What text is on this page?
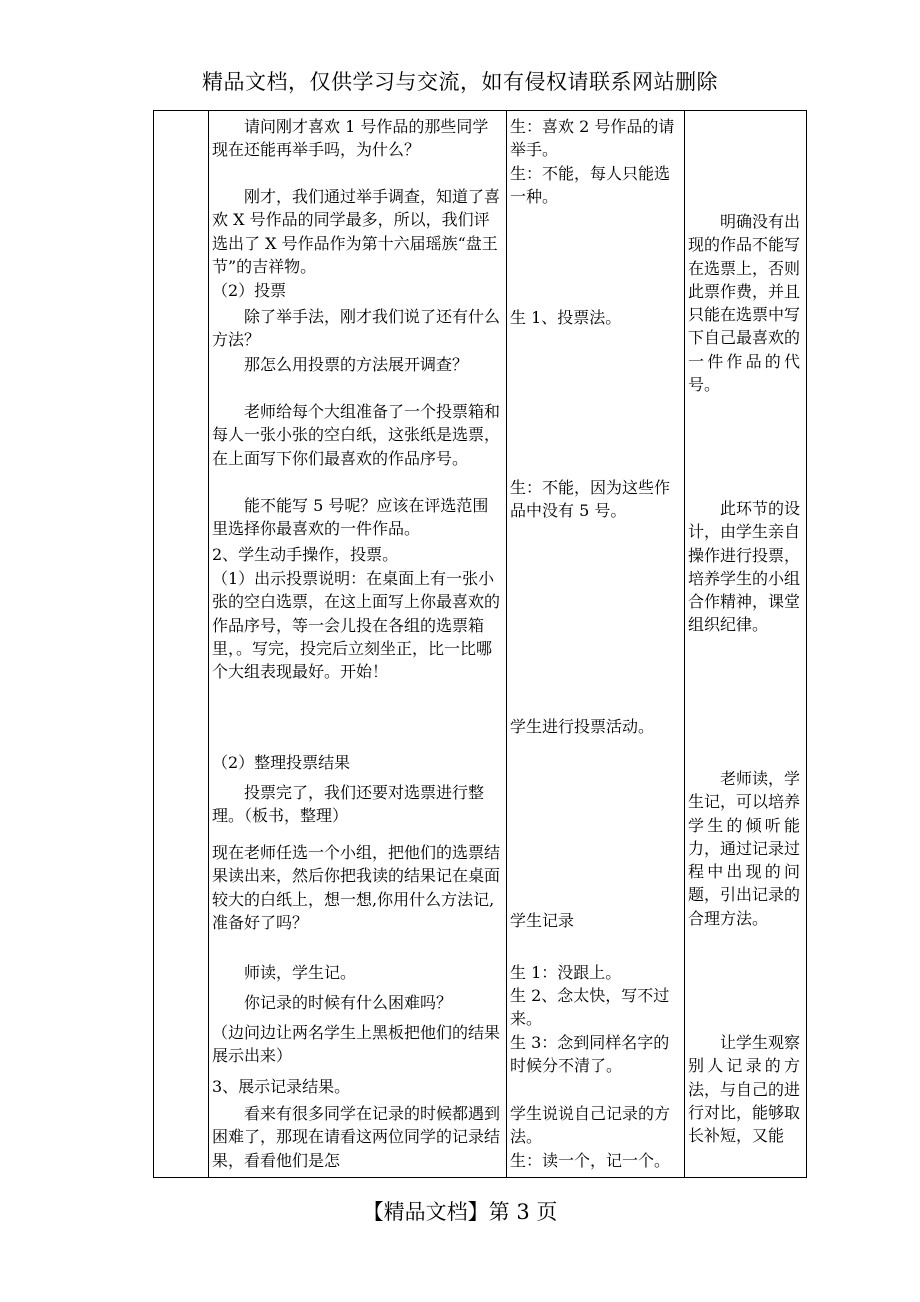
精品文档，仅供学习与交流，如有侵权请联系网站删除

请问刚才喜欢 1 号作品的那些同学现在还能再举手吗，为什么？

刚才，我们通过举手调查，知道了喜欢 X 号作品的同学最多，所以，我们评选出了 X 号作品作为第十六届瑶族“盘王节”的吉祥物。

（2）投票

除了举手法，刚才我们说了还有什么方法？

那怎么用投票的方法展开调查？

老师给每个大组准备了一个投票箱和每人一张小张的空白纸，这张纸是选票，在上面写下你们最喜欢的作品序号。

能不能写 5 号呢？应该在评选范围里选择你最喜欢的一件作品。

2、学生动手操作，投票。

（1）出示投票说明：在桌面上有一张小张的空白选票，在这上面写上你最喜欢的作品序号，等一会儿投在各组的选票箱里，。写完，投完后立刻坐正，比一比哪个大组表现最好。开始！

（2）整理投票结果

投票完了，我们还要对选票进行整理。（板书，整理）

现在老师任选一个小组，把他们的选票结果读出来，然后你把我读的结果记在桌面较大的白纸上，想一想,你用什么方法记,准备好了吗？

师读，学生记。

你记录的时候有什么困难吗？

（边问边让两名学生上黑板把他们的结果展示出来）

3、展示记录结果。

看来有很多同学在记录的时候都遇到困难了，那现在请看这两位同学的记录结果，看看他们是怎

生：喜欢 2 号作品的请举手。

生：不能，每人只能选一种。

生 1、投票法。

生：不能，因为这些作品中没有 5 号。

学生进行投票活动。

学生记录

生 1：没跟上。

生 2、念太快，写不过来。

生 3：念到同样名字的时候分不清了。

学生说说自己记录的方法。

生：读一个，记一个。

明确没有出现的作品不能写在选票上，否则此票作费，并且只能在选票中写下自己最喜欢的一件作品的代号。

此环节的设计，由学生亲自操作进行投票，培养学生的小组合作精神，课堂组织纪律。

老师读，学生记，可以培养学生的倾听能力，通过记录过程中出现的问题，引出记录的合理方法。

让学生观察别人记录的方法，与自己的进行对比，能够取长补短，又能

【精品文档】第 3 页
